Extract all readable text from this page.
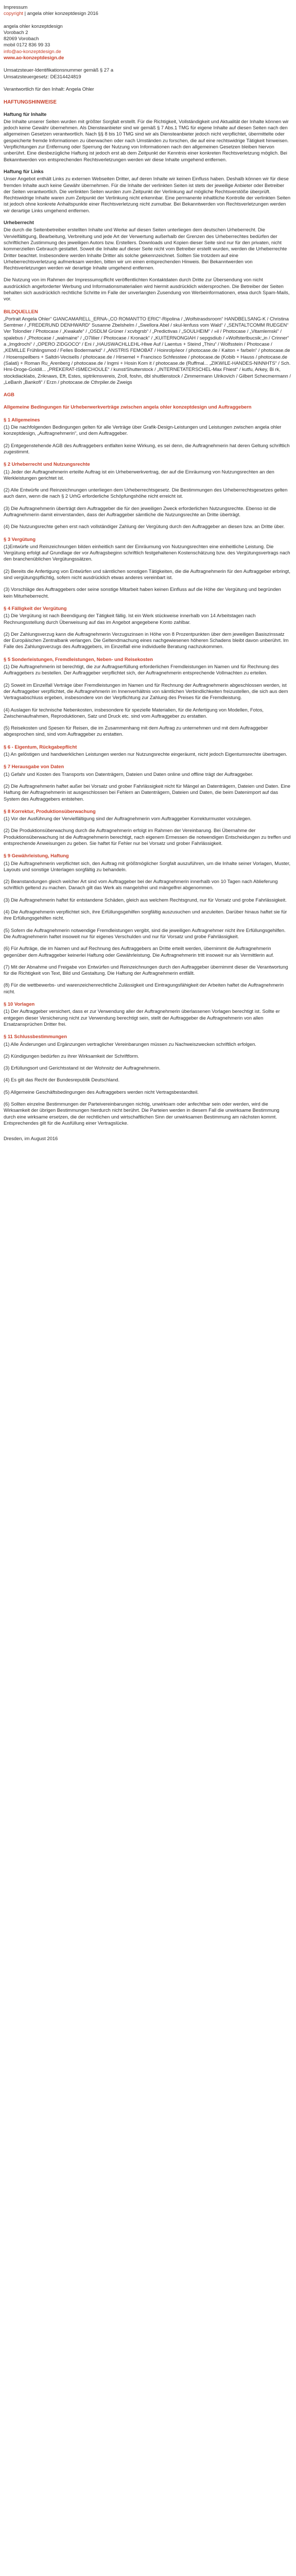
Impressum
copyright | angela ohler konzeptdesign 2016

angela ohler konzeptdesign

Vorobach 2

82069 Vorobach

mobil 0172 836 99 33

info@ao-konzeptdesign.de

www.ao-konzeptdesign.de

Umsatzsteuer-Identifikationsnummer gemäß § 27 a

Umsatzsteuergesetz: DE314424819

Verantwortlich für den Inhalt: Angela Ohler

HAFTUNGSHINWEISE
Haftung für Inhalte

Die Inhalte unserer Seiten wurden mit größter Sorgfalt erstellt. Für die Richtigkeit, Vollständigkeit und Aktualität der Inhalte können wir jedoch keine Gewähr übernehmen. Als Diensteanbieter sind wir gemäß § 7 Abs.1 TMG für eigene Inhalte auf diesen Seiten nach den allgemeinen Gesetzen verantwortlich. Nach §§ 8 bis 10 TMG sind wir als Diensteanbieter jedoch nicht verpflichtet, übermittelte oder gespeicherte fremde Informationen zu überwachen oder nach Umständen zu forschen, die auf eine rechtswidrige Tätigkeit hinweisen. Verpflichtungen zur Entfernung oder Sperrung der Nutzung von Informationen nach den allgemeinen Gesetzen bleiben hiervon unberührt. Eine diesbezügliche Haftung ist jedoch erst ab dem Zeitpunkt der Kenntnis einer konkreten Rechtsverletzung möglich. Bei Bekanntwerden von entsprechenden Rechtsverletzungen werden wir diese Inhalte umgehend entfernen.

Haftung für Links

Unser Angebot enthält Links zu externen Webseiten Dritter, auf deren Inhalte wir keinen Einfluss haben. Deshalb können wir für diese fremden Inhalte auch keine Gewähr übernehmen. Für die Inhalte der verlinkten Seiten ist stets der jeweilige Anbieter oder Betreiber der Seiten verantwortlich. Die verlinkten Seiten wurden zum Zeitpunkt der Verlinkung auf mögliche Rechtsverstöße überprüft. Rechtswidrige Inhalte waren zum Zeitpunkt der Verlinkung nicht erkennbar. Eine permanente inhaltliche Kontrolle der verlinkten Seiten ist jedoch ohne konkrete Anhaltspunkte einer Rechtsverletzung nicht zumutbar. Bei Bekanntwerden von Rechtsverletzungen werden wir derartige Links umgehend entfernen.

Urheberrecht

Die durch die Seitenbetreiber erstellten Inhalte und Werke auf diesen Seiten unterliegen dem deutschen Urheberrecht. Die Vervielfältigung, Bearbeitung, Verbreitung und jede Art der Verwertung außerhalb der Grenzen des Urheberrechtes bedürfen der schriftlichen Zustimmung des jeweiligen Autors bzw. Erstellers. Downloads und Kopien dieser Seite sind nur für den privaten, nicht kommerziellen Gebrauch gestattet. Soweit die Inhalte auf dieser Seite nicht vom Betreiber erstellt wurden, werden die Urheberrechte Dritter beachtet. Insbesondere werden Inhalte Dritter als solche gekennzeichnet. Sollten Sie trotzdem auf eine Urheberrechtsverletzung aufmerksam werden, bitten wir um einen entsprechenden Hinweis. Bei Bekanntwerden von Rechtsverletzungen werden wir derartige Inhalte umgehend entfernen.

Die Nutzung von im Rahmen der Impressumspflicht veröffentlichten Kontaktdaten durch Dritte zur Übersendung von nicht ausdrücklich angeforderter Werbung und Informationsmaterialien wird hiermit ausdrücklich widersprochen. Die Betreiber der Seiten behalten sich ausdrücklich rechtliche Schritte im Falle der unverlangten Zusendung von Werbeinformationen, etwa durch Spam-Mails, vor.

BILDQUELLEN

„Portrait Angela Ohler“ GIANCAMARELL_ERNA-„CO ROMANTTO ERIC“-Ripolina / „Wolfstrasdsroom“ HANDBELSANG-K / Christina Semtmer / „FREDERUND DENHWARD“ Susanne Zbelshelm / „Swellora Abel / skul-lenfuss vom Wald“ / „SENTALTCOMM RUEGEN“ Ver Tolondier / Photocase / „Kwakafe“ / „OSDLM Grüner / xcvbgrsb“ / „Predictivas / „SOULHEIM“ / »il / Photocase / „Vitamlemski“ / spalebus / „Photocase / „walmaine“ / „O7lilier / Photocase / Kronack“ / „KUITERNONGIAH / sepgsdiub / »Wolfsterlbucsik:„in / Crinner“ a „Imgdrochi“ / „OPERO ZIDGOCO“ / Eni / „HAUSWACHLLEHL-Hlwe Auf / Laentus + Steind „Thiru“ / Wolfsstein / Photocase / „KEMILLE Frühlingsmod / Felles Bodermarkd“ / „ANSTRIS FEMOBAT / Hoinrolp/ieor / photocase.de / Kaiton + farbeln“ / photocase.de / Hosenspeilbers + Saltdri-Vecisells / photocase.de / Hirsemel + Francisco Schfesstee / photocase.de (Kobib + Hauss / photocase.de (Salati) + Roman Ru_Arenberg / photocase.de / Ingmi + Hosin Kom it / photocase.de (Ruffmal... „ZIKWILE-HANDES-NINNHTS“ / Sch. Hmi-Droge-Goldill... „PREKERAT-ISMECHOULE“ / kunst/Shutterstock / „INTERNETATERSCHEL-Max Fhiest“ / kutfu, Arkey, Bi rk, stockdiacklabs, Zriknaws, Eft, Estes, siptrikmsvereis, Zroll, foshn, dbl shuttlenstock / Zimmermann Ulrikovich / Gilbert Schecmermann / „LeBanh „Bankofi“ / Erzn / photocase.de Cthrpiler.de Zweigs

AGB
Allgemeine Bedingungen für Urheberwerkverträge zwischen angela ohler konzeptdesign und Auftraggebern
§ 1 Allgemeines

(1) Die nachfolgenden Bedingungen gelten für alle Verträge über Grafik-Design-Leistungen und Leistungen zwischen angela ohler konzeptdesign, „Auftragnehmerin“, und dem Auftraggeber.

(2) Entgegenstehende AGB des Auftraggebers entfalten keine Wirkung, es sei denn, die Auftragnehmerin hat deren Geltung schriftlich zugestimmt.

§ 2 Urheberrecht und Nutzungsrechte

(1) Jeder der Auftragnehmerin erteilte Auftrag ist ein Urheberwerkvertrag, der auf die Einräumung von Nutzungsrechten an den Werkleistungen gerichtet ist.

(2) Alle Entwürfe und Reinzeichnungen unterliegen dem Urheberrechtsgesetz. Die Bestimmungen des Urheberrechtsgesetzes gelten auch dann, wenn die nach § 2 UrhG erforderliche Schöpfungshöhe nicht erreicht ist.

(3) Die Auftragnehmerin überträgt dem Auftraggeber die für den jeweiligen Zweck erforderlichen Nutzungsrechte. Ebenso ist die Auftragnehmerin damit einverstanden, dass der Auftraggeber sämtliche die Nutzungsrechte an Dritte überträgt.

(4) Die Nutzungsrechte gehen erst nach vollständiger Zahlung der Vergütung durch den Auftraggeber an diesen bzw. an Dritte über.

§ 3 Vergütung

(1)Entwürfe und Reinzeichnungen bilden einheitlich samt der Einräumung von Nutzungsrechten eine einheitliche Leistung. Die Vergütung erfolgt auf Grundlage der vor Auftragsbeginn schriftlich festgehaltenen Kostenschätzung bzw. des Vergütungsvertrags nach den branchenüblichen Vergütungssätzen.

(2) Bereits die Anfertigung von Entwürfen und sämtlichen sonstigen Tätigkeiten, die die Auftragnehmerin für den Auftraggeber erbringt, sind vergütungspflichtig, sofern nicht ausdrücklich etwas anderes vereinbart ist.

(3) Vorschläge des Auftraggebers oder seine sonstige Mitarbeit haben keinen Einfluss auf die Höhe der Vergütung und begründen kein Miturheberrecht.

§ 4 Fälligkeit der Vergütung

(1) Die Vergütung ist nach Beendigung der Tätigkeit fällig. Ist ein Werk stückweise innerhalb von 14 Arbeitstagen nach Rechnungsstellung durch Überweisung auf das im Angebot angegebene Konto zahlbar.

(2) Der Zahlungsverzug kann die Auftragnehmerin Verzugszinsen in Höhe von 8 Prozentpunkten über dem jeweiligen Basiszinssatz der Europäischen Zentralbank verlangen. Die Geltendmachung eines nachgewiesenen höheren Schadens bleibt davon unberührt. Im Falle des Zahlungsverzugs des Auftraggebers, im Einzelfall eine individuelle Beratung nachzukommen.

§ 5 Sonderleistungen, Fremdleistungen, Neben- und Reisekosten

(1) Die Auftragnehmerin ist berechtigt, die zur Auftragserfüllung erforderlichen Fremdleistungen im Namen und für Rechnung des Auftraggebers zu bestellen. Der Auftraggeber verpflichtet sich, der Auftragnehmerin entsprechende Vollmachten zu erteilen.

(2) Soweit im Einzelfall Verträge über Fremdleistungen im Namen und für Rechnung der Auftragnehmerin abgeschlossen werden, ist der Auftraggeber verpflichtet, die Auftragnehmerin im Innenverhältnis von sämtlichen Verbindlichkeiten freizustellen, die sich aus dem Vertragsabschluss ergeben, insbesondere von der Verpflichtung zur Zahlung des Preises für die Fremdleistung.

(4) Auslagen für technische Nebenkosten, insbesondere für spezielle Materialien, für die Anfertigung von Modellen, Fotos, Zwischenaufnahmen, Reproduktionen, Satz und Druck etc. sind vom Auftraggeber zu erstatten.

(5) Reisekosten und Spesen für Reisen, die im Zusammenhang mit dem Auftrag zu unternehmen und mit dem Auftraggeber abgesprochen sind, sind vom Auftraggeber zu erstatten.

§ 6 - Eigentum, Rückgabepflicht

(1) An gelöstigen und handwerklichen Leistungen werden nur Nutzungsrechte eingeräumt, nicht jedoch Eigentumsrechte übertragen.

§ 7 Herausgabe von Daten

(1) Gefahr und Kosten des Transports von Datenträgern, Dateien und Daten online und offline trägt der Auftraggeber.

(2) Die Auftragnehmerin haftet außer bei Vorsatz und grober Fahrlässigkeit nicht für Mängel an Datenträgern, Dateien und Daten. Eine Haftung der Auftragnehmerin ist ausgeschlossen bei Fehlern an Datenträgern, Dateien und Daten, die beim Datenimport auf das System des Auftraggebers entstehen.

§ 8 Korrektur, Produktionsüberwachung

(1) Vor der Ausführung der Vervielfältigung sind der Auftragnehmerin vom Auftraggeber Korrekturmuster vorzulegen.

(2) Die Produktionsüberwachung durch die Auftragnehmerin erfolgt im Rahmen der Vereinbarung. Bei Übernahme der Produktionsüberwachung ist die Auftragnehmerin berechtigt, nach eigenem Ermessen die notwendigen Entscheidungen zu treffen und entsprechende Anweisungen zu geben. Sie haftet für Fehler nur bei Vorsatz und grober Fahrlässigkeit.

§ 9 Gewährleistung, Haftung

(1) Die Auftragnehmerin verpflichtet sich, den Auftrag mit größtmöglicher Sorgfalt auszuführen, um die Inhalte seiner Vorlagen, Muster, Layouts und sonstige Unterlagen sorgfältig zu behandeln.

(2) Beanstandungen gleich welcher Art sind vom Auftraggeber bei der Auftragnehmerin innerhalb von 10 Tagen nach Ablieferung schriftlich geltend zu machen. Danach gilt das Werk als mangelsfrei und mängelfrei abgenommen.

(3) Die Auftragnehmerin haftet für entstandene Schäden, gleich aus welchem Rechtsgrund, nur für Vorsatz und grobe Fahrlässigkeit.

(4) Die Auftragnehmerin verpflichtet sich, ihre Erfüllungsgehilfen sorgfältig auszusuchen und anzuleiten. Darüber hinaus haftet sie für ihre Erfüllungsgehilfen nicht.

(5) Sofern die Auftragnehmerin notwendige Fremdleistungen vergibt, sind die jeweiligen Auftragnehmer nicht ihre Erfüllungsgehilfen. Die Auftragnehmerin haftet insoweit nur für eigenes Verschulden und nur für Vorsatz und grobe Fahrlässigkeit.

(6) Für Aufträge, die im Namen und auf Rechnung des Auftraggebers an Dritte erteilt werden, übernimmt die Auftragnehmerin gegenüber dem Auftraggeber keinerlei Haftung oder Gewährleistung. Die Auftragnehmerin tritt insoweit nur als Vermittlerin auf.

(7) Mit der Abnahme und Freigabe von Entwürfen und Reinzeichnungen durch den Auftraggeber übernimmt dieser die Verantwortung für die Richtigkeit von Text, Bild und Gestaltung. Die Haftung der Auftragnehmerin entfällt.

(8) Für die wettbewerbs- und warenzeichenrechtliche Zulässigkeit und Eintragungsfähigkeit der Arbeiten haftet die Auftragnehmerin nicht.

§ 10 Vorlagen

(1) Der Auftraggeber versichert, dass er zur Verwendung aller der Auftragnehmerin überlassenen Vorlagen berechtigt ist. Sollte er entgegen dieser Versicherung nicht zur Verwendung berechtigt sein, stellt der Auftraggeber die Auftragnehmerin von allen Ersatzansprüchen Dritter frei.

§ 11 Schlussbestimmungen

(1) Alle Änderungen und Ergänzungen vertraglicher Vereinbarungen müssen zu Nachweiszwecken schriftlich erfolgen.

(2) Kündigungen bedürfen zu ihrer Wirksamkeit der Schriftform.

(3) Erfüllungsort und Gerichtsstand ist der Wohnsitz der Auftragnehmerin.

(4) Es gilt das Recht der Bundesrepublik Deutschland.

(5) Allgemeine Geschäftsbedingungen des Auftraggebers werden nicht Vertragsbestandteil.

(6) Sollten einzelne Bestimmungen der Parteivereinbarungen nichtig, unwirksam oder anfechtbar sein oder werden, wird die Wirksamkeit der übrigen Bestimmungen hierdurch nicht berührt. Die Parteien werden in diesem Fall die unwirksame Bestimmung durch eine wirksame ersetzen, die der rechtlichen und wirtschaftlichen Sinn der unwirksamen Bestimmung am nächsten kommt. Entsprechendes gilt für die Ausfüllung einer Vertragslücke.

Dresden, im August 2016
